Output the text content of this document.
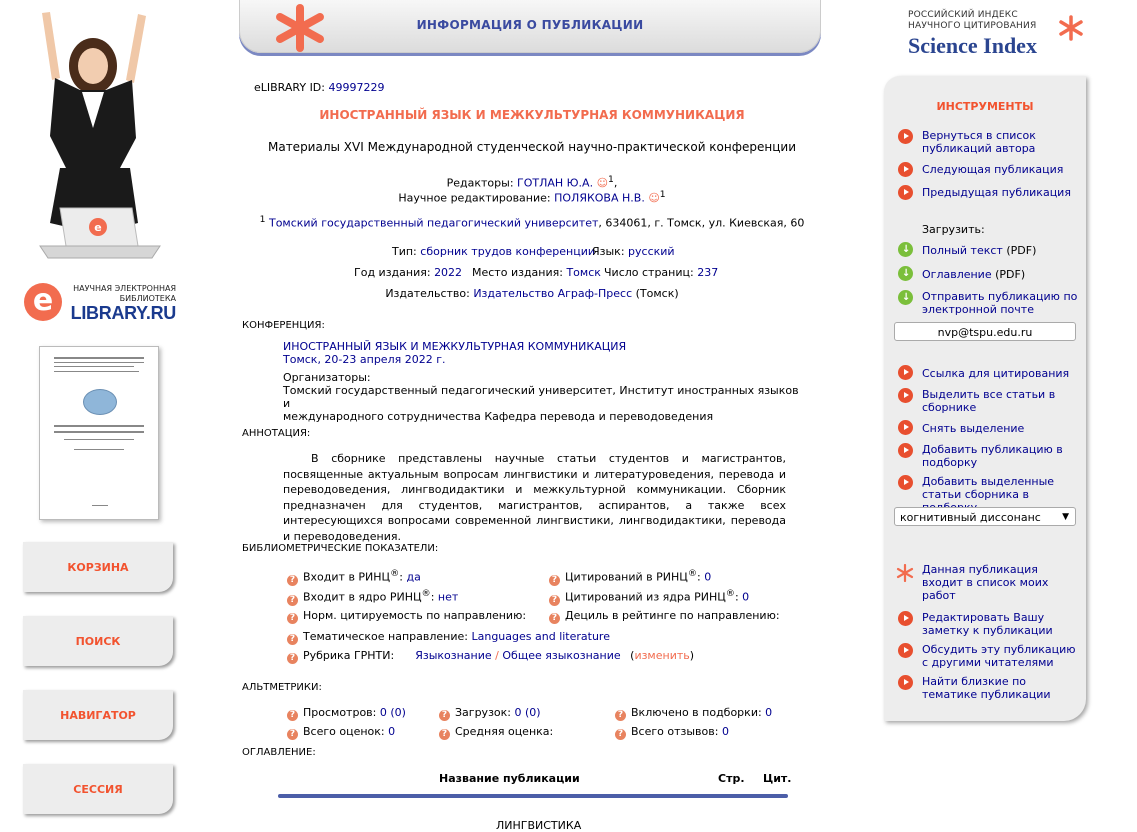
e
e	НАУЧНАЯ ЭЛЕКТРОННАЯ БИБЛИОТЕКА
LIBRARY.RU
КОРЗИНА
ПОИСК
НАВИГАТОР
СЕССИЯ
ИНФОРМАЦИЯ О ПУБЛИКАЦИИ
eLIBRARY ID: 49997229
ИНОСТРАННЫЙ ЯЗЫК И МЕЖКУЛЬТУРНАЯ КОММУНИКАЦИЯ
Материалы XVI Международной студенческой научно-практической конференции
Редакторы: ГОТЛАН Ю.А. ☺$^1$,
Научное редактирование: ПОЛЯКОВА Н.В. ☺$^1$
$^1$ Томский государственный педагогический университет, 634061, г. Томск, ул. Киевская, 60
Тип: сборник трудов конференции
Язык: русский
Год издания: 2022 Место издания: Томск Число страниц: 237
Издательство: Издательство Аграф-Пресс (Томск)
КОНФЕРЕНЦИЯ:
ИНОСТРАННЫЙ ЯЗЫК И МЕЖКУЛЬТУРНАЯ КОММУНИКАЦИЯ
Томск, 20-23 апреля 2022 г.
Организаторы:
Томский государственный педагогический университет, Институт иностранных языков и
международного сотрудничества Кафедра перевода и переводоведения
АННОТАЦИЯ:
В сборнике представлены научные статьи студентов и магистрантов, посвященные актуальным вопросам лингвистики и литературоведения, перевода и переводоведения, лингводидактики и межкультурной коммуникации. Сборник предназначен для студентов, магистрантов, аспирантов, а также всех интересующихся вопросами современной лингвистики, лингводидактики, перевода и переводоведения.
БИБЛИОМЕТРИЧЕСКИЕ ПОКАЗАТЕЛИ:
? Входит в РИНЦ®: да	? Цитирований в РИНЦ®: 0
? Входит в ядро РИНЦ®: нет	? Цитирований из ядра РИНЦ®: 0
? Норм. цитируемость по направлению:	? Дециль в рейтинге по направлению:
? Тематическое направление: Languages and literature
? Рубрика ГРНТИ: Языкознание / Общее языкознание (изменить)
АЛЬТМЕТРИКИ:
? Просмотров: 0 (0)	? Загрузок: 0 (0)	? Включено в подборки: 0
? Всего оценок: 0	? Средняя оценка:	? Всего отзывов: 0
ОГЛАВЛЕНИЕ:
Название публикации	Стр. Цит.
ЛИНГВИСТИКА
РОССИЙСКИЙ ИНДЕКС
НАУЧНОГО ЦИТИРОВАНИЯ
Science Index
ИНСТРУМЕНТЫ
Вернуться в список публикаций автора
Следующая публикация
Предыдущая публикация
Загрузить:
↓
Полный текст (PDF)
↓
Оглавление (PDF)
↓
Отправить публикацию по электронной почте
nvp@tspu.edu.ru
Ссылка для цитирования
Выделить все статьи в сборнике
Снять выделение
Добавить публикацию в подборку
Добавить выделенные статьи сборника в
когнитивный диссонанс ▼
Данная публикация входит в список моих работ
Редактировать Вашу заметку к публикации
Обсудить эту публикацию с другими читателями
Найти близкие по тематике публикации
